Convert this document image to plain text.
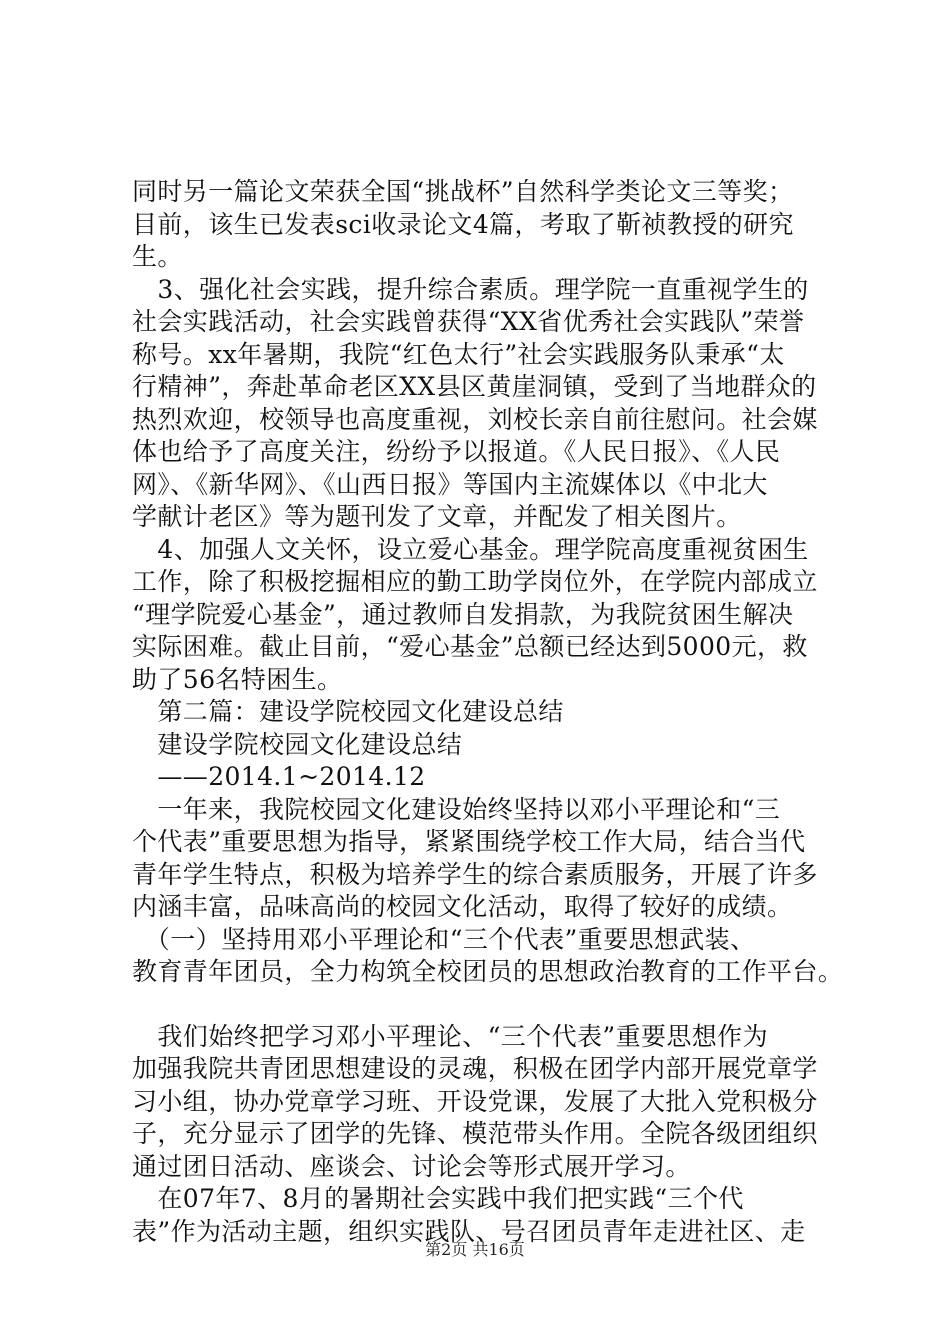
同时另一篇论文荣获全国“挑战杯”自然科学类论文三等奖；
目前，该生已发表sci收录论文4篇，考取了靳祯教授的研究
生。
　3、强化社会实践，提升综合素质。理学院一直重视学生的
社会实践活动，社会实践曾获得“XX省优秀社会实践队”荣誉
称号。xx年暑期，我院“红色太行”社会实践服务队秉承“太
行精神”，奔赴革命老区XX县区黄崖洞镇，受到了当地群众的
热烈欢迎，校领导也高度重视，刘校长亲自前往慰问。社会媒
体也给予了高度关注，纷纷予以报道。《人民日报》、《人民
网》、《新华网》、《山西日报》等国内主流媒体以《中北大
学献计老区》等为题刊发了文章，并配发了相关图片。
　4、加强人文关怀，设立爱心基金。理学院高度重视贫困生
工作，除了积极挖掘相应的勤工助学岗位外，在学院内部成立
“理学院爱心基金”，通过教师自发捐款，为我院贫困生解决
实际困难。截止目前，“爱心基金”总额已经达到5000元，救
助了56名特困生。
　第二篇：建设学院校园文化建设总结
　建设学院校园文化建设总结
　——2014.1~2014.12
　一年来，我院校园文化建设始终坚持以邓小平理论和“三
个代表”重要思想为指导，紧紧围绕学校工作大局，结合当代
青年学生特点，积极为培养学生的综合素质服务，开展了许多
内涵丰富，品味高尚的校园文化活动，取得了较好的成绩。
　（一）坚持用邓小平理论和“三个代表”重要思想武装、
教育青年团员，全力构筑全校团员的思想政治教育的工作平台。
　我们始终把学习邓小平理论、“三个代表”重要思想作为
加强我院共青团思想建设的灵魂，积极在团学内部开展党章学
习小组，协办党章学习班、开设党课，发展了大批入党积极分
子，充分显示了团学的先锋、模范带头作用。全院各级团组织
通过团日活动、座谈会、讨论会等形式展开学习。
　在07年7、8月的暑期社会实践中我们把实践“三个代
表”作为活动主题，组织实践队、号召团员青年走进社区、走
第2页 共16页
